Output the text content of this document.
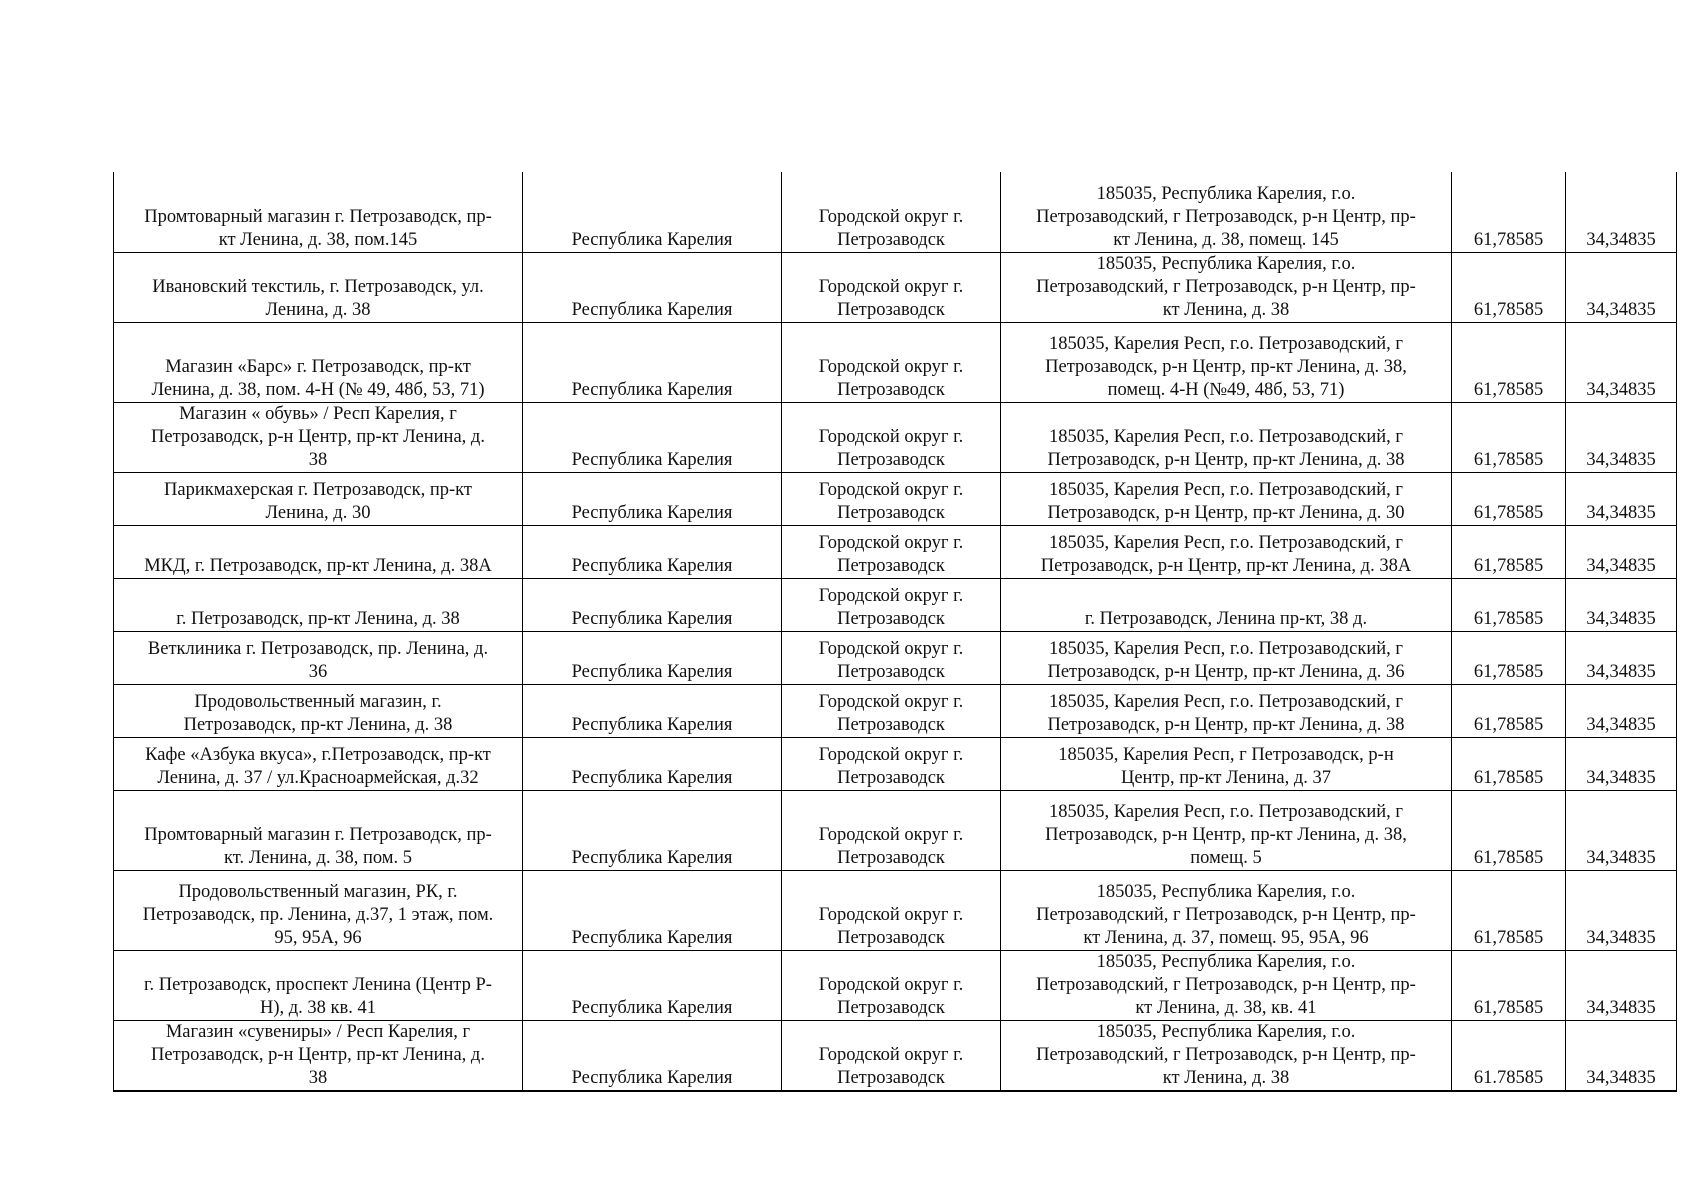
Промтоварный магазин г. Петрозаводск, пр-
кт Ленина, д. 38, пом.145	Республика Карелия	Городской округ г.
Петрозаводск	185035, Республика Карелия, г.о.
Петрозаводский, г Петрозаводск, р-н Центр, пр-
кт Ленина, д. 38, помещ. 145	61,78585	34,34835
Ивановский текстиль, г. Петрозаводск, ул.
Ленина, д. 38	Республика Карелия	Городской округ г.
Петрозаводск	185035, Республика Карелия, г.о.
Петрозаводский, г Петрозаводск, р-н Центр, пр-
кт Ленина, д. 38	61,78585	34,34835
Магазин «Барс» г. Петрозаводск, пр-кт
Ленина, д. 38, пом. 4-Н (№ 49, 48б, 53, 71)	Республика Карелия	Городской округ г.
Петрозаводск	185035, Карелия Респ, г.о. Петрозаводский, г
Петрозаводск, р-н Центр, пр-кт Ленина, д. 38,
помещ. 4-Н (№49, 48б, 53, 71)	61,78585	34,34835
Магазин « обувь» / Респ Карелия, г
Петрозаводск, р-н Центр, пр-кт Ленина, д.
38	Республика Карелия	Городской округ г.
Петрозаводск	185035, Карелия Респ, г.о. Петрозаводский, г
Петрозаводск, р-н Центр, пр-кт Ленина, д. 38	61,78585	34,34835
Парикмахерская г. Петрозаводск, пр-кт
Ленина, д. 30	Республика Карелия	Городской округ г.
Петрозаводск	185035, Карелия Респ, г.о. Петрозаводский, г
Петрозаводск, р-н Центр, пр-кт Ленина, д. 30	61,78585	34,34835
МКД, г. Петрозаводск, пр-кт Ленина, д. 38А	Республика Карелия	Городской округ г.
Петрозаводск	185035, Карелия Респ, г.о. Петрозаводский, г
Петрозаводск, р-н Центр, пр-кт Ленина, д. 38А	61,78585	34,34835
г. Петрозаводск, пр-кт Ленина, д. 38	Республика Карелия	Городской округ г.
Петрозаводск	г. Петрозаводск, Ленина пр-кт, 38 д.	61,78585	34,34835
Ветклиника г. Петрозаводск, пр. Ленина, д.
36	Республика Карелия	Городской округ г.
Петрозаводск	185035, Карелия Респ, г.о. Петрозаводский, г
Петрозаводск, р-н Центр, пр-кт Ленина, д. 36	61,78585	34,34835
Продовольственный магазин, г.
Петрозаводск, пр-кт Ленина, д. 38	Республика Карелия	Городской округ г.
Петрозаводск	185035, Карелия Респ, г.о. Петрозаводский, г
Петрозаводск, р-н Центр, пр-кт Ленина, д. 38	61,78585	34,34835
Кафе «Азбука вкуса», г.Петрозаводск, пр-кт
Ленина, д. 37 / ул.Красноармейская, д.32	Республика Карелия	Городской округ г.
Петрозаводск	185035, Карелия Респ, г Петрозаводск, р-н
Центр, пр-кт Ленина, д. 37	61,78585	34,34835
Промтоварный магазин г. Петрозаводск, пр-
кт. Ленина, д. 38, пом. 5	Республика Карелия	Городской округ г.
Петрозаводск	185035, Карелия Респ, г.о. Петрозаводский, г
Петрозаводск, р-н Центр, пр-кт Ленина, д. 38,
помещ. 5	61,78585	34,34835
Продовольственный магазин, РК, г.
Петрозаводск, пр. Ленина, д.37, 1 этаж, пом.
95, 95А, 96	Республика Карелия	Городской округ г.
Петрозаводск	185035, Республика Карелия, г.о.
Петрозаводский, г Петрозаводск, р-н Центр, пр-
кт Ленина, д. 37, помещ. 95, 95А, 96	61,78585	34,34835
г. Петрозаводск, проспект Ленина (Центр Р-
Н), д. 38 кв. 41	Республика Карелия	Городской округ г.
Петрозаводск	185035, Республика Карелия, г.о.
Петрозаводский, г Петрозаводск, р-н Центр, пр-
кт Ленина, д. 38, кв. 41	61,78585	34,34835
Магазин «сувениры» / Респ Карелия, г
Петрозаводск, р-н Центр, пр-кт Ленина, д.
38	Республика Карелия	Городской округ г.
Петрозаводск	185035, Республика Карелия, г.о.
Петрозаводский, г Петрозаводск, р-н Центр, пр-
кт Ленина, д. 38	61.78585	34,34835
